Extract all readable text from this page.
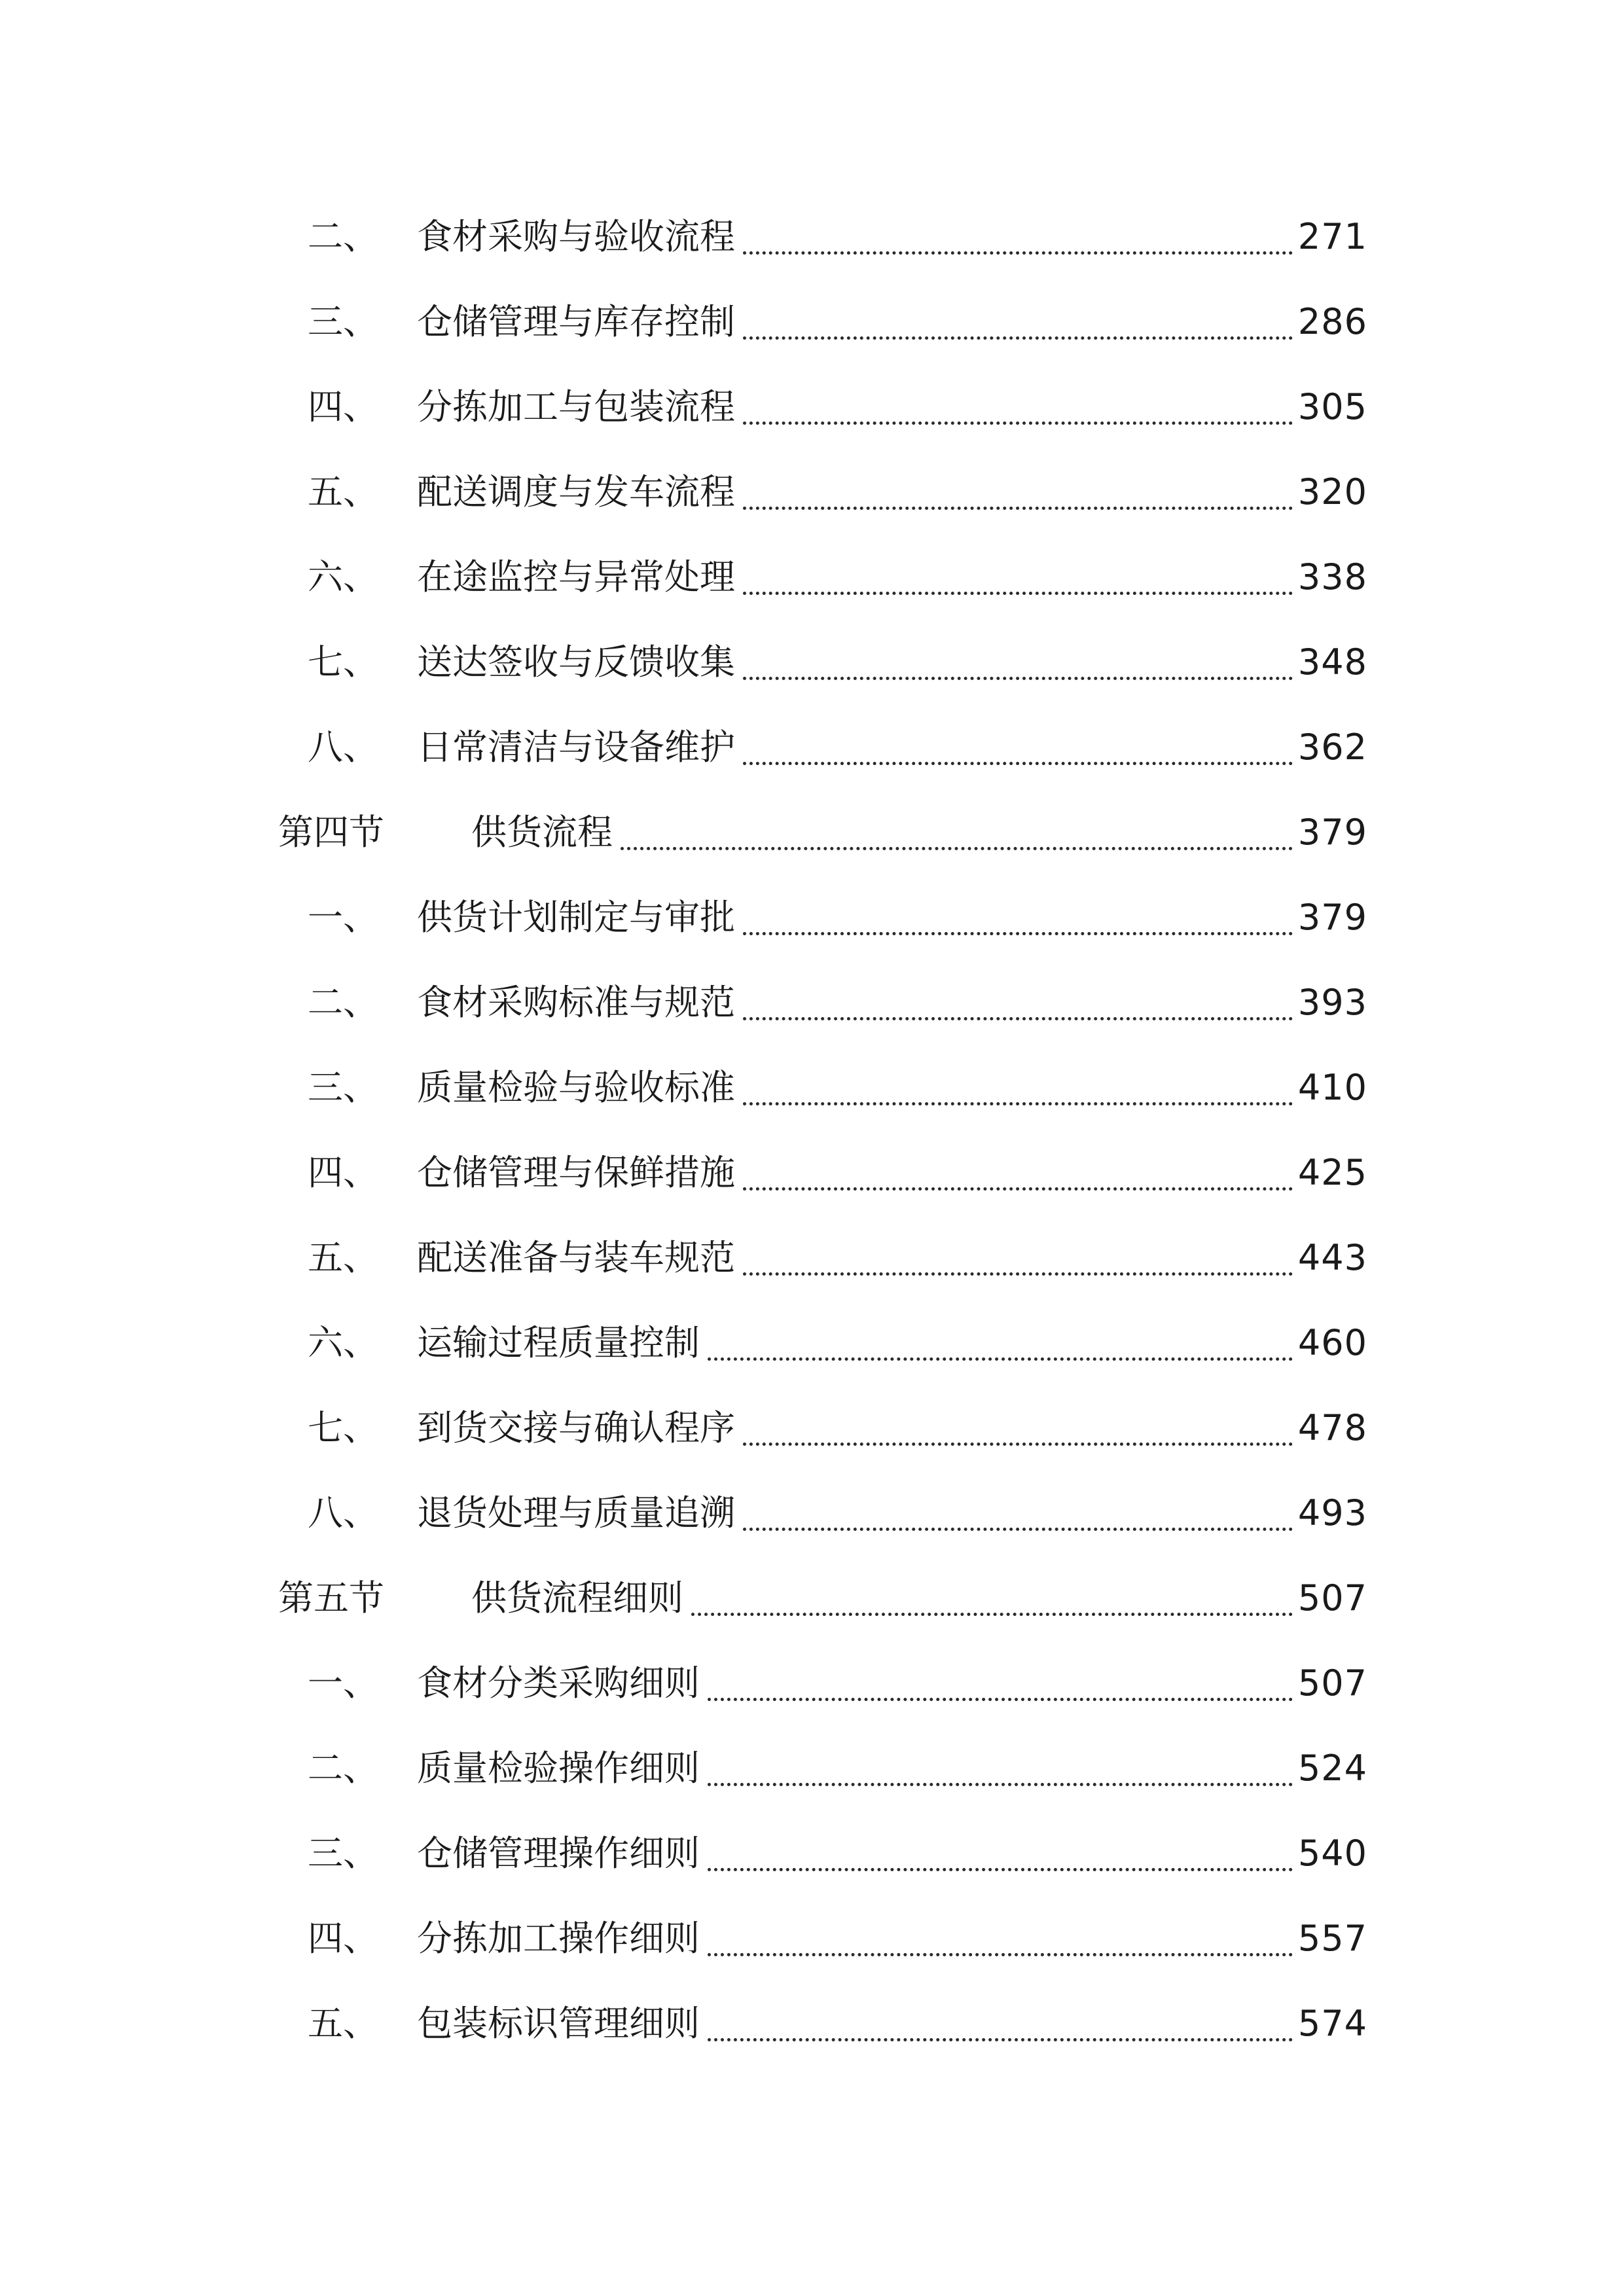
二、 食材采购与验收流程	271
三、 仓储管理与库存控制	286
四、 分拣加工与包装流程	305
五、 配送调度与发车流程	320
六、 在途监控与异常处理	338
七、 送达签收与反馈收集	348
八、 日常清洁与设备维护	362
第四节 供货流程	379
一、 供货计划制定与审批	379
二、 食材采购标准与规范	393
三、 质量检验与验收标准	410
四、 仓储管理与保鲜措施	425
五、 配送准备与装车规范	443
六、 运输过程质量控制	460
七、 到货交接与确认程序	478
八、 退货处理与质量追溯	493
第五节 供货流程细则	507
一、 食材分类采购细则	507
二、 质量检验操作细则	524
三、 仓储管理操作细则	540
四、 分拣加工操作细则	557
五、 包装标识管理细则	574
